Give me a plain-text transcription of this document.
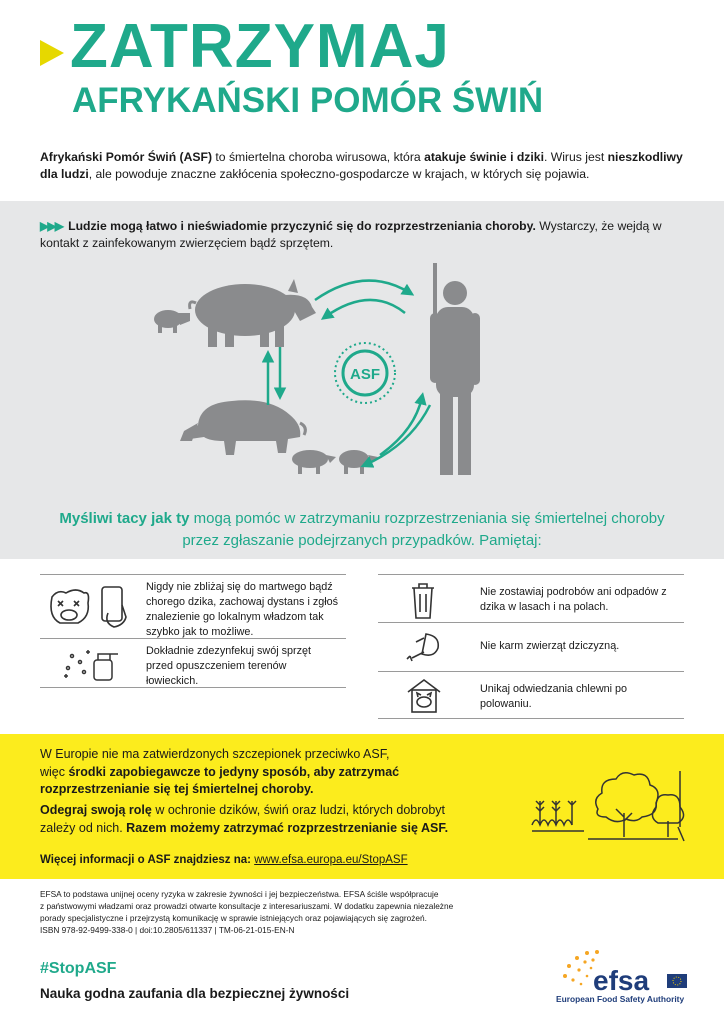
ZATRZYMAJ
AFRYKAŃSKI POMÓR ŚWIŃ
Afrykański Pomór Świń (ASF) to śmiertelna choroba wirusowa, która atakuje świnie i dziki. Wirus jest nieszkodliwy dla ludzi, ale powoduje znaczne zakłócenia społeczno-gospodarcze w krajach, w których się pojawia.
▶▶▶ Ludzie mogą łatwo i nieświadomie przyczynić się do rozprzestrzeniania choroby. Wystarczy, że wejdą w kontakt z zainfekowanym zwierzęciem bądź sprzętem.
ASF
Myśliwi tacy jak ty mogą pomóc w zatrzymaniu rozprzestrzeniania się śmiertelnej choroby przez zgłaszanie podejrzanych przypadków. Pamiętaj:
Nigdy nie zbliżaj się do martwego bądź chorego dzika, zachowaj dystans i zgłoś znalezienie go lokalnym władzom tak szybko jak to możliwe.
Dokładnie zdezynfekuj swój sprzęt przed opuszczeniem terenów łowieckich.
Nie zostawiaj podrobów ani odpadów z dzika w lasach i na polach.
Nie karm zwierząt dziczyzną.
Unikaj odwiedzania chlewni po polowaniu.
W Europie nie ma zatwierdzonych szczepionek przeciwko ASF,
więc środki zapobiegawcze to jedyny sposób, aby zatrzymać
rozprzestrzenianie się tej śmiertelnej choroby.
Odegraj swoją rolę w ochronie dzików, świń oraz ludzi, których dobrobyt
zależy od nich. Razem możemy zatrzymać rozprzestrzenianie się ASF.
Więcej informacji o ASF znajdziesz na: www.efsa.europa.eu/StopASF
EFSA to podstawa unijnej oceny ryzyka w zakresie żywności i jej bezpieczeństwa. EFSA ściśle współpracuje
z państwowymi władzami oraz prowadzi otwarte konsultacje z interesariuszami. W dodatku zapewnia niezależne
porady specjalistyczne i przejrzystą komunikację w sprawie istniejących oraz pojawiających się zagrożeń.
ISBN 978-92-9499-338-0 | doi:10.2805/611337 | TM-06-21-015-EN-N
#StopASF
Nauka godna zaufania dla bezpiecznej żywności	efsa
European Food Safety Authority
